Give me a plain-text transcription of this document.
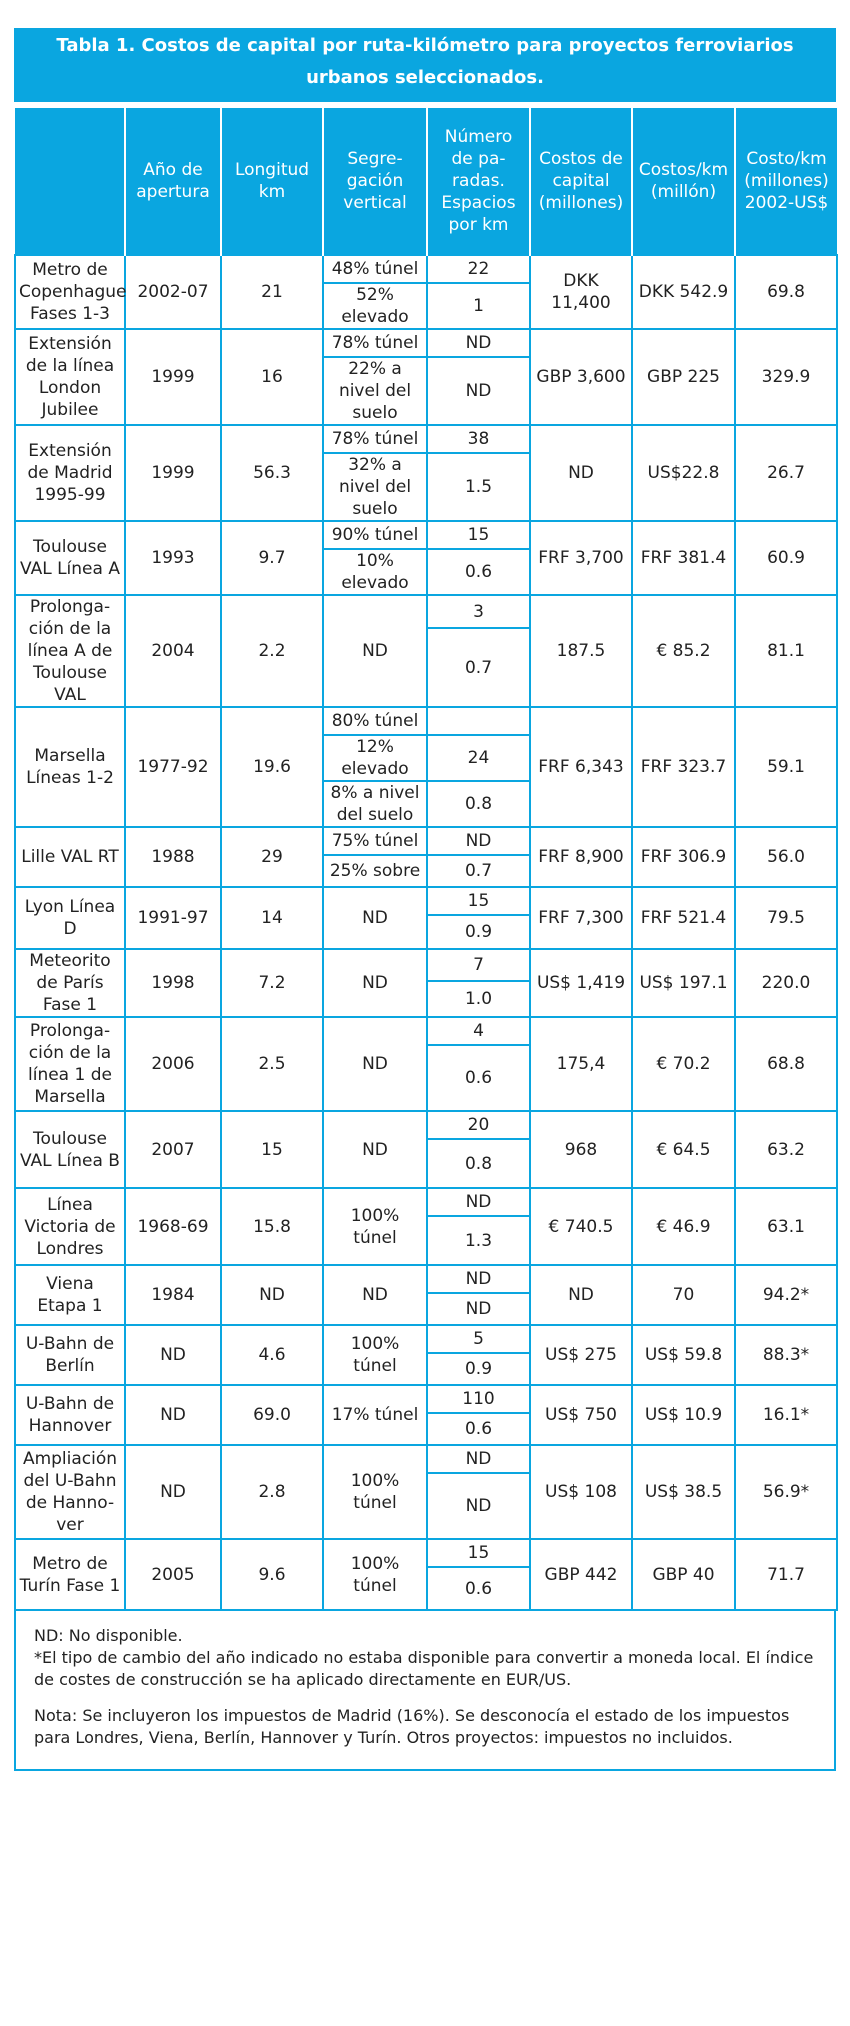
Tabla 1. Costos de capital por ruta-kilómetro para proyectos ferroviarios urbanos seleccionados.
	Año de apertura	Longitud km	Segre-gación vertical	Número de pa-radas. Espacios por km	Costos de capital (millones)	Costos/km (millón)	Costo/km (millones) 2002-US$
Metro de Copenhague Fases 1-3	2002-07	21	48% túnel	22	DKK 11,400	DKK 542.9	69.8
			52% elevado	1			
Extensión de la línea London Jubilee	1999	16	78% túnel	ND	GBP 3,600	GBP 225	329.9
			22% a nivel del suelo	ND			
Extensión de Madrid 1995-99	1999	56.3	78% túnel	38	ND	US$22.8	26.7
			32% a nivel del suelo	1.5			
Toulouse VAL Línea A	1993	9.7	90% túnel	15	FRF 3,700	FRF 381.4	60.9
			10% elevado	0.6			
Prolonga-ción de la línea A de Toulouse VAL	2004	2.2	ND	3	187.5	€ 85.2	81.1
				0.7			
Marsella Líneas 1-2	1977-92	19.6	80% túnel		FRF 6,343	FRF 323.7	59.1
			12% elevado	24			
			8% a nivel del suelo	0.8			
Lille VAL RT	1988	29	75% túnel	ND	FRF 8,900	FRF 306.9	56.0
			25% sobre	0.7			
Lyon Línea D	1991-97	14	ND	15	FRF 7,300	FRF 521.4	79.5
				0.9			
Meteorito de París Fase 1	1998	7.2	ND	7	US$ 1,419	US$ 197.1	220.0
				1.0			
Prolonga-ción de la línea 1 de Marsella	2006	2.5	ND	4	175,4	€ 70.2	68.8
				0.6			
Toulouse VAL Línea B	2007	15	ND	20	968	€ 64.5	63.2
				0.8			
Línea Victoria de Londres	1968-69	15.8	100% túnel	ND	€ 740.5	€ 46.9	63.1
				1.3			
Viena Etapa 1	1984	ND	ND	ND	ND	70	94.2*
				ND			
U-Bahn de Berlín	ND	4.6	100% túnel	5	US$ 275	US$ 59.8	88.3*
				0.9			
U-Bahn de Hannover	ND	69.0	17% túnel	110	US$ 750	US$ 10.9	16.1*
				0.6			
Ampliación del U-Bahn de Hanno-ver	ND	2.8	100% túnel	ND	US$ 108	US$ 38.5	56.9*
				ND			
Metro de Turín Fase 1	2005	9.6	100% túnel	15	GBP 442	GBP 40	71.7
				0.6			

ND: No disponible.

*El tipo de cambio del año indicado no estaba disponible para convertir a moneda local. El índice de costes de construcción se ha aplicado directamente en EUR/US.

Nota: Se incluyeron los impuestos de Madrid (16%). Se desconocía el estado de los impuestos para Londres, Viena, Berlín, Hannover y Turín. Otros proyectos: impuestos no incluidos.
